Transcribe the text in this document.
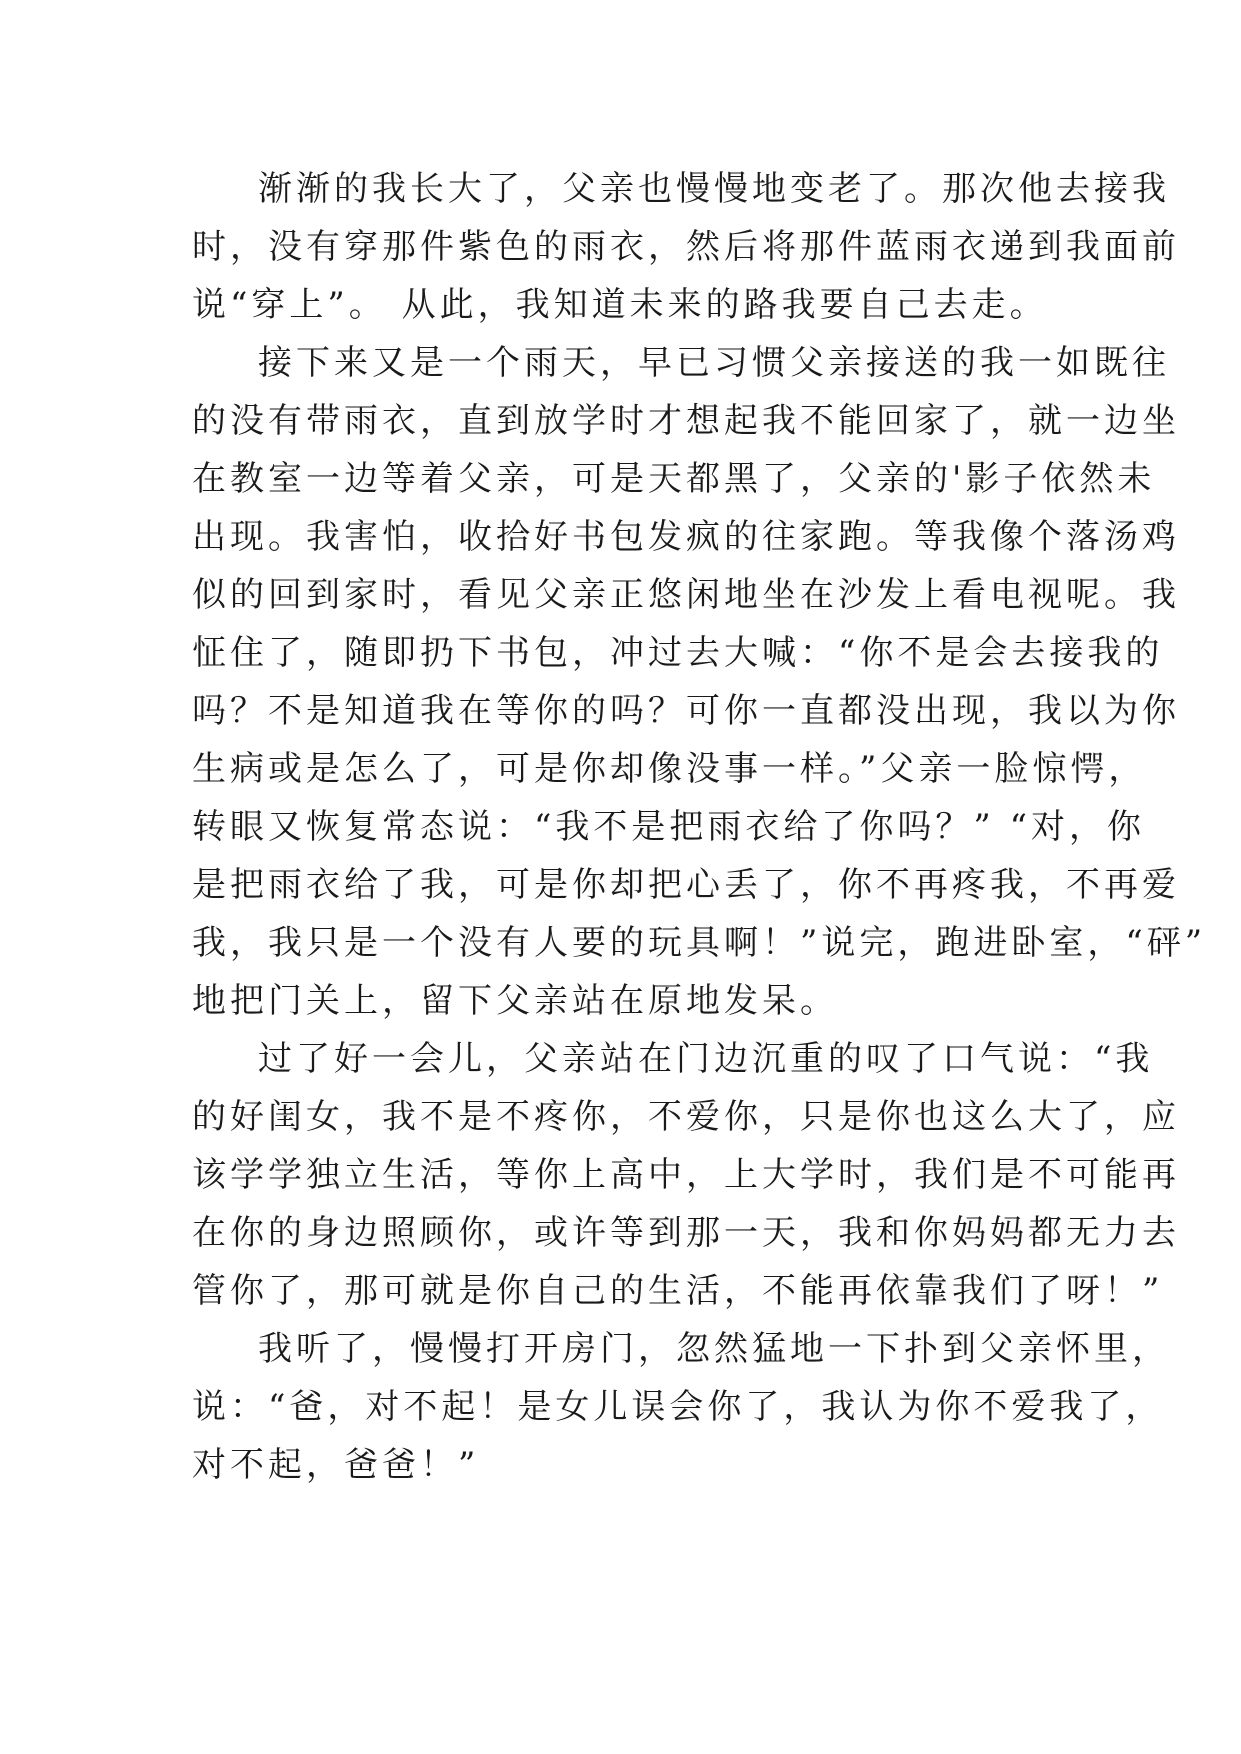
渐渐的我长大了，父亲也慢慢地变老了。那次他去接我
时，没有穿那件紫色的雨衣，然后将那件蓝雨衣递到我面前
说“穿上”。 从此，我知道未来的路我要自己去走。
接下来又是一个雨天，早已习惯父亲接送的我一如既往
的没有带雨衣，直到放学时才想起我不能回家了，就一边坐
在教室一边等着父亲，可是天都黑了，父亲的'影子依然未
出现。我害怕，收拾好书包发疯的往家跑。等我像个落汤鸡
似的回到家时，看见父亲正悠闲地坐在沙发上看电视呢。我
怔住了，随即扔下书包，冲过去大喊：“你不是会去接我的
吗？不是知道我在等你的吗？可你一直都没出现，我以为你
生病或是怎么了，可是你却像没事一样。”父亲一脸惊愕，
转眼又恢复常态说：“我不是把雨衣给了你吗？” “对，你
是把雨衣给了我，可是你却把心丢了，你不再疼我，不再爱
我，我只是一个没有人要的玩具啊！”说完，跑进卧室，“砰”
地把门关上，留下父亲站在原地发呆。
过了好一会儿，父亲站在门边沉重的叹了口气说：“我
的好闺女，我不是不疼你，不爱你，只是你也这么大了，应
该学学独立生活，等你上高中，上大学时，我们是不可能再
在你的身边照顾你，或许等到那一天，我和你妈妈都无力去
管你了，那可就是你自己的生活，不能再依靠我们了呀！”
我听了，慢慢打开房门，忽然猛地一下扑到父亲怀里，
说：“爸，对不起！是女儿误会你了，我认为你不爱我了，
对不起，爸爸！”
